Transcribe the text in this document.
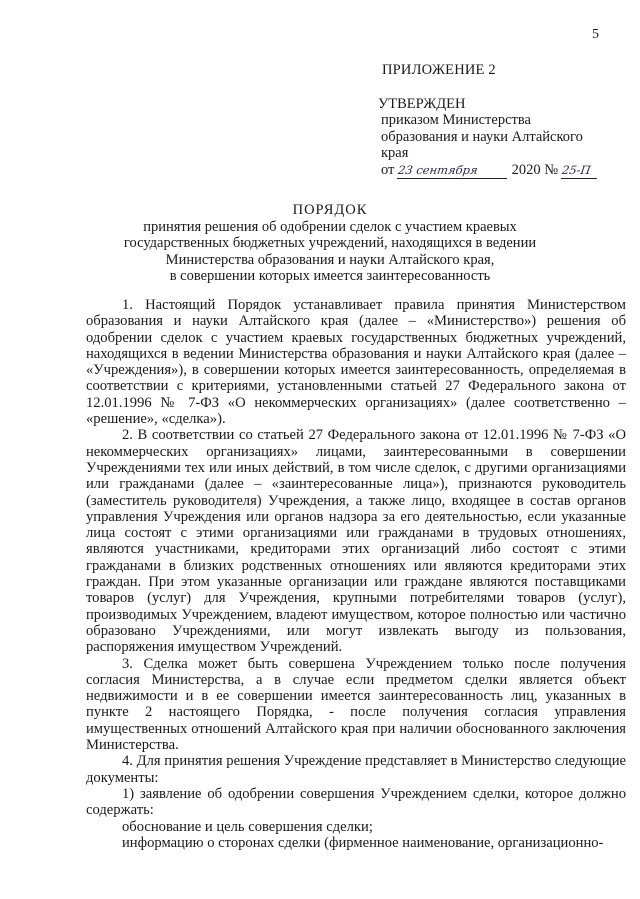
5
ПРИЛОЖЕНИЕ 2
УТВЕРЖДЕН
приказом Министерства
образования и науки Алтайского
края
от 23 сентября 2020 № 25-П
ПОРЯДОК
принятия решения об одобрении сделок с участием краевых
государственных бюджетных учреждений, находящихся в ведении
Министерства образования и науки Алтайского края,
в совершении которых имеется заинтересованность

1. Настоящий Порядок устанавливает правила принятия Министерством образования и науки Алтайского края (далее – «Министерство») решения об одобрении сделок с участием краевых государственных бюджетных учреждений, находящихся в ведении Министерства образования и науки Алтайского края (далее – «Учреждения»), в совершении которых имеется заинтересованность, определяемая в соответствии с критериями, установленными статьей 27 Федерального закона от 12.01.1996 № 7-ФЗ «О некоммерческих организациях» (далее соответственно – «решение», «сделка»).

2. В соответствии со статьей 27 Федерального закона от 12.01.1996 № 7-ФЗ «О некоммерческих организациях» лицами, заинтересованными в совершении Учреждениями тех или иных действий, в том числе сделок, с другими организациями или гражданами (далее – «заинтересованные лица»), признаются руководитель (заместитель руководителя) Учреждения, а также лицо, входящее в состав органов управления Учреждения или органов надзора за его деятельностью, если указанные лица состоят с этими организациями или гражданами в трудовых отношениях, являются участниками, кредиторами этих организаций либо состоят с этими гражданами в близких родственных отношениях или являются кредиторами этих граждан. При этом указанные организации или граждане являются поставщиками товаров (услуг) для Учреждения, крупными потребителями товаров (услуг), производимых Учреждением, владеют имуществом, которое полностью или частично образовано Учреждениями, или могут извлекать выгоду из пользования, распоряжения имуществом Учреждений.

3. Сделка может быть совершена Учреждением только после получения согласия Министерства, а в случае если предметом сделки является объект недвижимости и в ее совершении имеется заинтересованность лиц, указанных в пункте 2 настоящего Порядка, - после получения согласия управления имущественных отношений Алтайского края при наличии обоснованного заключения Министерства.

4. Для принятия решения Учреждение представляет в Министерство следующие документы:

1) заявление об одобрении совершения Учреждением сделки, которое должно содержать:

обоснование и цель совершения сделки;

информацию о сторонах сделки (фирменное наименование, организационно-
